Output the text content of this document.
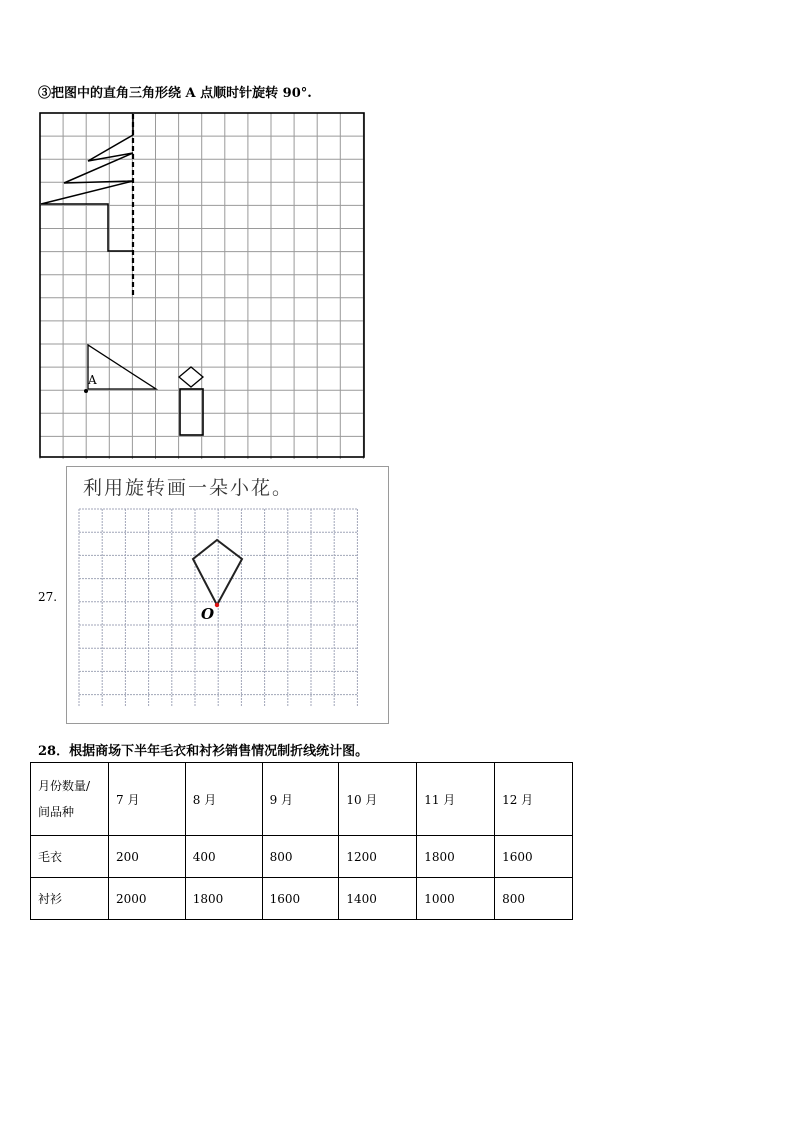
③把图中的直角三角形绕 A 点顺时针旋转 90°.
A
27.
利用旋转画一朵小花。
O
28．根据商场下半年毛衣和衬衫销售情况制折线统计图。
月份数量/
间品种	7 月	8 月	9 月	10 月	11 月	12 月
毛衣	200	400	800	1200	1800	1600
衬衫	2000	1800	1600	1400	1000	800
